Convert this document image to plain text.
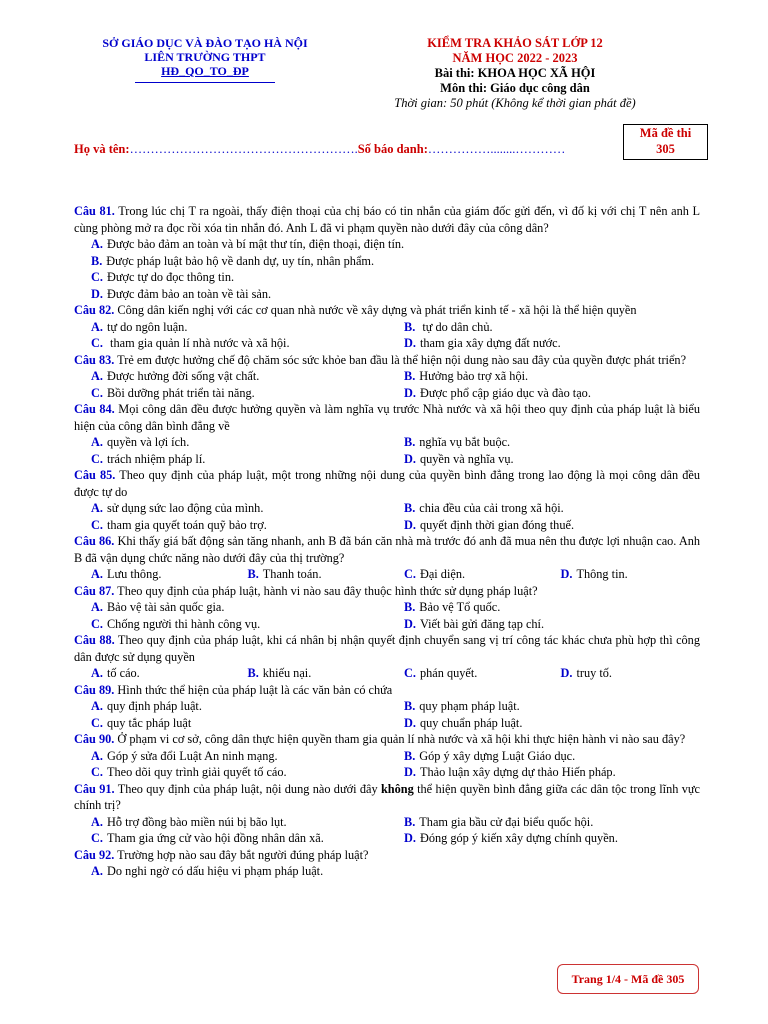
SỞ GIÁO DỤC VÀ ĐÀO TẠO HÀ NỘI
LIÊN TRƯỜNG THPT
HĐ_QO_TO_ĐP
KIỂM TRA KHẢO SÁT LỚP 12
NĂM HỌC 2022 - 2023
Bài thi: KHOA HỌC XÃ HỘI
Môn thi: Giáo dục công dân
Thời gian: 50 phút (Không kể thời gian phát đề)
Mã đề thi
305
Họ và tên:……………………………………………….Số báo danh:……………........…………
Câu 81. Trong lúc chị T ra ngoài, thấy điện thoại của chị báo có tin nhắn của giám đốc gửi đến, vì đố kị với chị T nên anh L cùng phòng mở ra đọc rồi xóa tin nhắn đó. Anh L đã vi phạm quyền nào dưới đây của công dân?
A. Được bảo đảm an toàn và bí mật thư tín, điện thoại, điện tín.
B. Được pháp luật bảo hộ về danh dự, uy tín, nhân phẩm.
C. Được tự do đọc thông tin.
D. Được đảm bảo an toàn về tài sản.
Câu 82. Công dân kiến nghị với các cơ quan nhà nước về xây dựng và phát triển kinh tế - xã hội là thể hiện quyền
A. tự do ngôn luận.	B. tự do dân chủ.
C. tham gia quản lí nhà nước và xã hội.	D. tham gia xây dựng đất nước.
Câu 83. Trẻ em được hưởng chế độ chăm sóc sức khỏe ban đầu là thể hiện nội dung nào sau đây của quyền được phát triển?
A. Được hưởng đời sống vật chất.	B. Hưởng bảo trợ xã hội.
C. Bồi dưỡng phát triển tài năng.	D. Được phổ cập giáo dục và đào tạo.
Câu 84. Mọi công dân đều được hưởng quyền và làm nghĩa vụ trước Nhà nước và xã hội theo quy định của pháp luật là biểu hiện của công dân bình đẳng về
A. quyền và lợi ích.	B. nghĩa vụ bắt buộc.
C. trách nhiệm pháp lí.	D. quyền và nghĩa vụ.
Câu 85. Theo quy định của pháp luật, một trong những nội dung của quyền bình đẳng trong lao động là mọi công dân đều được tự do
A. sử dụng sức lao động của mình.	B. chia đều của cải trong xã hội.
C. tham gia quyết toán quỹ bảo trợ.	D. quyết định thời gian đóng thuế.
Câu 86. Khi thấy giá bất động sản tăng nhanh, anh B đã bán căn nhà mà trước đó anh đã mua nên thu được lợi nhuận cao. Anh B đã vận dụng chức năng nào dưới đây của thị trường?
A. Lưu thông.	B. Thanh toán.	C. Đại diện.	D. Thông tin.
Câu 87. Theo quy định của pháp luật, hành vi nào sau đây thuộc hình thức sử dụng pháp luật?
A. Bảo vệ tài sản quốc gia.	B. Bảo vệ Tổ quốc.
C. Chống người thi hành công vụ.	D. Viết bài gửi đăng tạp chí.
Câu 88. Theo quy định của pháp luật, khi cá nhân bị nhận quyết định chuyển sang vị trí công tác khác chưa phù hợp thì công dân được sử dụng quyền
A. tố cáo.	B. khiếu nại.	C. phán quyết.	D. truy tố.
Câu 89. Hình thức thể hiện của pháp luật là các văn bản có chứa
A. quy định pháp luật.	B. quy phạm pháp luật.
C. quy tắc pháp luật	D. quy chuẩn pháp luật.
Câu 90. Ở phạm vi cơ sở, công dân thực hiện quyền tham gia quản lí nhà nước và xã hội khi thực hiện hành vi nào sau đây?
A. Góp ý sửa đổi Luật An ninh mạng.	B. Góp ý xây dựng Luật Giáo dục.
C. Theo dõi quy trình giải quyết tố cáo.	D. Thảo luận xây dựng dự thảo Hiến pháp.
Câu 91. Theo quy định của pháp luật, nội dung nào dưới đây không thể hiện quyền bình đẳng giữa các dân tộc trong lĩnh vực chính trị?
A. Hỗ trợ đồng bào miền núi bị bão lụt.	B. Tham gia bầu cử đại biểu quốc hội.
C. Tham gia ứng cử vào hội đồng nhân dân xã.	D. Đóng góp ý kiến xây dựng chính quyền.
Câu 92. Trường hợp nào sau đây bắt người đúng pháp luật?
A. Do nghi ngờ có dấu hiệu vi phạm pháp luật.
Trang 1/4 - Mã đề 305
